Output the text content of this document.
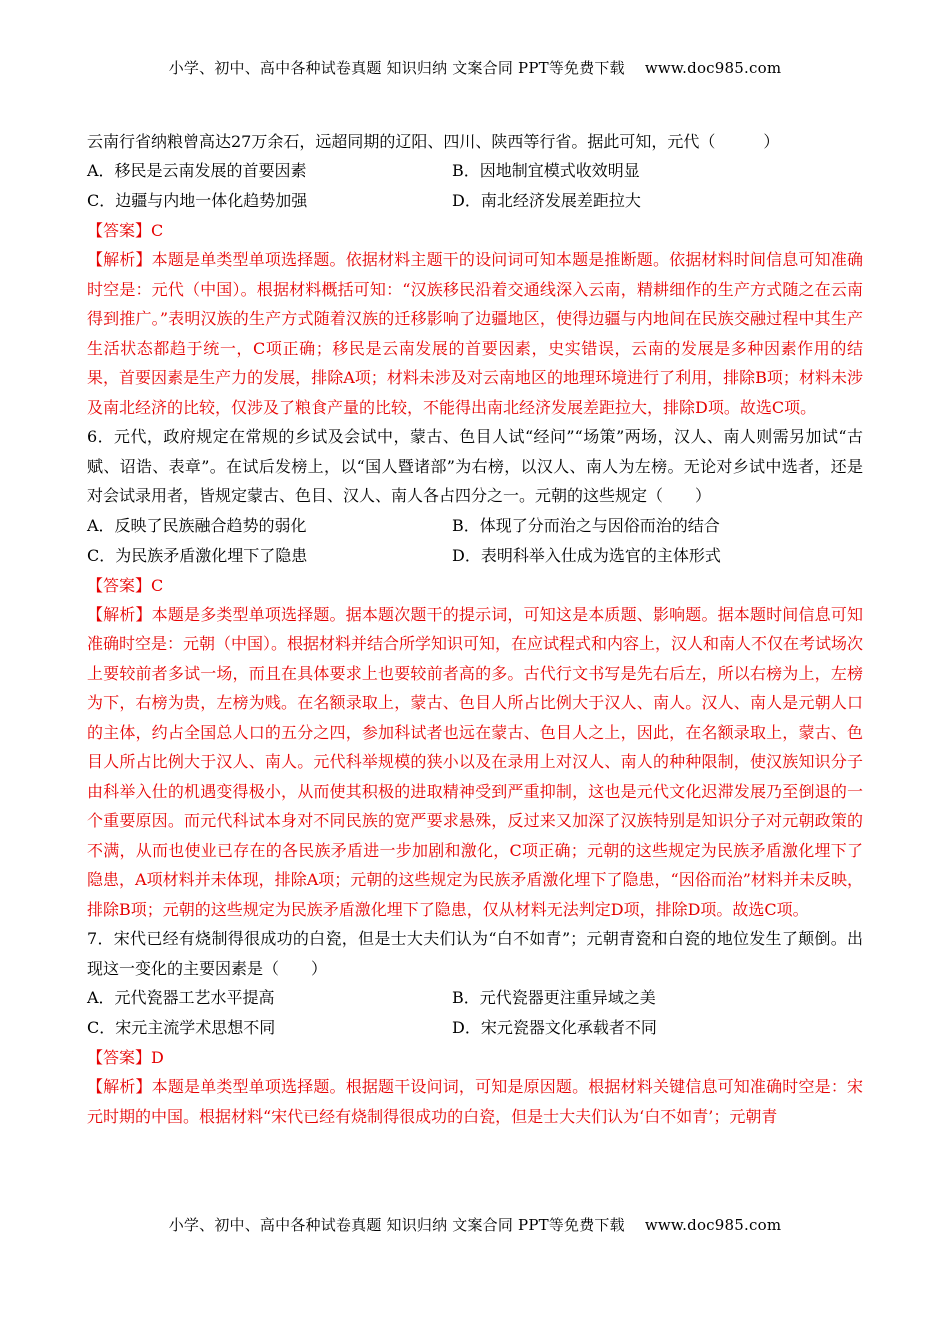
小学、初中、高中各种试卷真题 知识归纳 文案合同 PPT等免费下载 www.doc985.com
云南行省纳粮曾高达27万余石，远超同期的辽阳、四川、陕西等行省。据此可知，元代（　　　）
A．移民是云南发展的首要因素	B．因地制宜模式收效明显
C．边疆与内地一体化趋势加强	D．南北经济发展差距拉大
【答案】C
【解析】本题是单类型单项选择题。依据材料主题干的设问词可知本题是推断题。依据材料时间信息可知准确时空是：元代（中国）。根据材料概括可知：“汉族移民沿着交通线深入云南，精耕细作的生产方式随之在云南得到推广。”表明汉族的生产方式随着汉族的迁移影响了边疆地区，使得边疆与内地间在民族交融过程中其生产生活状态都趋于统一，C项正确；移民是云南发展的首要因素，史实错误，云南的发展是多种因素作用的结果，首要因素是生产力的发展，排除A项；材料未涉及对云南地区的地理环境进行了利用，排除B项；材料未涉及南北经济的比较，仅涉及了粮食产量的比较，不能得出南北经济发展差距拉大，排除D项。故选C项。
6．元代，政府规定在常规的乡试及会试中，蒙古、色目人试“经问”“场策”两场，汉人、南人则需另加试“古赋、诏诰、表章”。在试后发榜上，以“国人暨诸部”为右榜，以汉人、南人为左榜。无论对乡试中选者，还是对会试录用者，皆规定蒙古、色目、汉人、南人各占四分之一。元朝的这些规定（　　）
A．反映了民族融合趋势的弱化	B．体现了分而治之与因俗而治的结合
C．为民族矛盾激化埋下了隐患	D．表明科举入仕成为选官的主体形式
【答案】C
【解析】本题是多类型单项选择题。据本题次题干的提示词，可知这是本质题、影响题。据本题时间信息可知准确时空是：元朝（中国）。根据材料并结合所学知识可知，在应试程式和内容上，汉人和南人不仅在考试场次上要较前者多试一场，而且在具体要求上也要较前者高的多。古代行文书写是先右后左，所以右榜为上，左榜为下，右榜为贵，左榜为贱。在名额录取上，蒙古、色目人所占比例大于汉人、南人。汉人、南人是元朝人口的主体，约占全国总人口的五分之四，参加科试者也远在蒙古、色目人之上，因此，在名额录取上，蒙古、色目人所占比例大于汉人、南人。元代科举规模的狭小以及在录用上对汉人、南人的种种限制，使汉族知识分子由科举入仕的机遇变得极小，从而使其积极的进取精神受到严重抑制，这也是元代文化迟滞发展乃至倒退的一个重要原因。而元代科试本身对不同民族的宽严要求悬殊，反过来又加深了汉族特别是知识分子对元朝政策的不满，从而也使业已存在的各民族矛盾进一步加剧和激化，C项正确；元朝的这些规定为民族矛盾激化埋下了隐患，A项材料并未体现，排除A项；元朝的这些规定为民族矛盾激化埋下了隐患，“因俗而治”材料并未反映，排除B项；元朝的这些规定为民族矛盾激化埋下了隐患，仅从材料无法判定D项，排除D项。故选C项。
7．宋代已经有烧制得很成功的白瓷，但是士大夫们认为“白不如青”；元朝青瓷和白瓷的地位发生了颠倒。出现这一变化的主要因素是（　　）
A．元代瓷器工艺水平提高	B．元代瓷器更注重异域之美
C．宋元主流学术思想不同	D．宋元瓷器文化承载者不同
【答案】D
【解析】本题是单类型单项选择题。根据题干设问词，可知是原因题。根据材料关键信息可知准确时空是：宋元时期的中国。根据材料“宋代已经有烧制得很成功的白瓷，但是士大夫们认为‘白不如青’；元朝青
小学、初中、高中各种试卷真题 知识归纳 文案合同 PPT等免费下载 www.doc985.com
